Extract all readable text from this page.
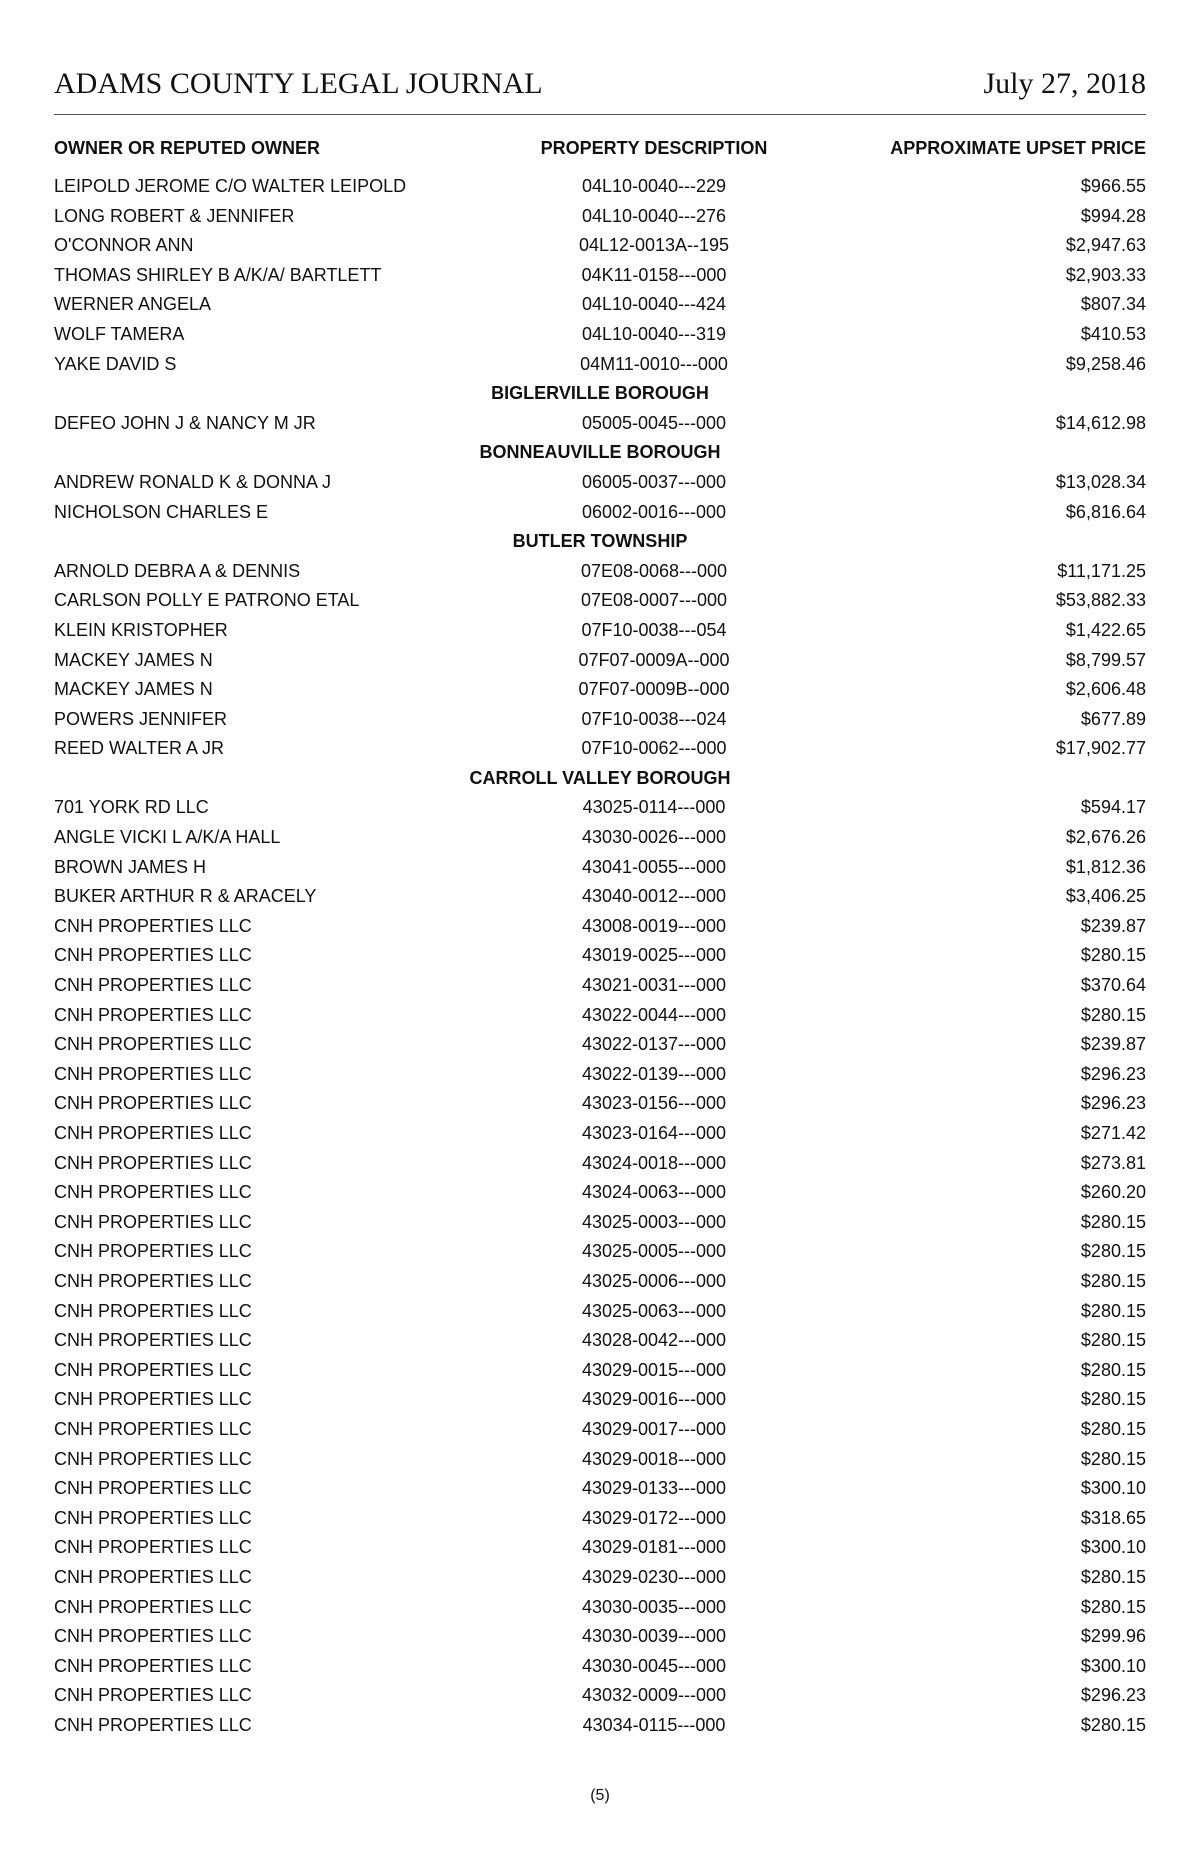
ADAMS COUNTY LEGAL JOURNAL	July 27, 2018
OWNER OR REPUTED OWNER	PROPERTY DESCRIPTION	APPROXIMATE UPSET PRICE
LEIPOLD JEROME C/O WALTER LEIPOLD	04L10-0040---229	$966.55
LONG ROBERT & JENNIFER	04L10-0040---276	$994.28
O'CONNOR ANN	04L12-0013A--195	$2,947.63
THOMAS SHIRLEY B A/K/A/ BARTLETT	04K11-0158---000	$2,903.33
WERNER ANGELA	04L10-0040---424	$807.34
WOLF TAMERA	04L10-0040---319	$410.53
YAKE DAVID S	04M11-0010---000	$9,258.46
BIGLERVILLE BOROUGH
DEFEO JOHN J & NANCY M JR	05005-0045---000	$14,612.98
BONNEAUVILLE BOROUGH
ANDREW RONALD K & DONNA J	06005-0037---000	$13,028.34
NICHOLSON CHARLES E	06002-0016---000	$6,816.64
BUTLER TOWNSHIP
ARNOLD DEBRA A & DENNIS	07E08-0068---000	$11,171.25
CARLSON POLLY E PATRONO ETAL	07E08-0007---000	$53,882.33
KLEIN KRISTOPHER	07F10-0038---054	$1,422.65
MACKEY JAMES N	07F07-0009A--000	$8,799.57
MACKEY JAMES N	07F07-0009B--000	$2,606.48
POWERS JENNIFER	07F10-0038---024	$677.89
REED WALTER A JR	07F10-0062---000	$17,902.77
CARROLL VALLEY BOROUGH
701 YORK RD LLC	43025-0114---000	$594.17
ANGLE VICKI L A/K/A HALL	43030-0026---000	$2,676.26
BROWN JAMES H	43041-0055---000	$1,812.36
BUKER ARTHUR R & ARACELY	43040-0012---000	$3,406.25
CNH PROPERTIES LLC	43008-0019---000	$239.87
CNH PROPERTIES LLC	43019-0025---000	$280.15
CNH PROPERTIES LLC	43021-0031---000	$370.64
CNH PROPERTIES LLC	43022-0044---000	$280.15
CNH PROPERTIES LLC	43022-0137---000	$239.87
CNH PROPERTIES LLC	43022-0139---000	$296.23
CNH PROPERTIES LLC	43023-0156---000	$296.23
CNH PROPERTIES LLC	43023-0164---000	$271.42
CNH PROPERTIES LLC	43024-0018---000	$273.81
CNH PROPERTIES LLC	43024-0063---000	$260.20
CNH PROPERTIES LLC	43025-0003---000	$280.15
CNH PROPERTIES LLC	43025-0005---000	$280.15
CNH PROPERTIES LLC	43025-0006---000	$280.15
CNH PROPERTIES LLC	43025-0063---000	$280.15
CNH PROPERTIES LLC	43028-0042---000	$280.15
CNH PROPERTIES LLC	43029-0015---000	$280.15
CNH PROPERTIES LLC	43029-0016---000	$280.15
CNH PROPERTIES LLC	43029-0017---000	$280.15
CNH PROPERTIES LLC	43029-0018---000	$280.15
CNH PROPERTIES LLC	43029-0133---000	$300.10
CNH PROPERTIES LLC	43029-0172---000	$318.65
CNH PROPERTIES LLC	43029-0181---000	$300.10
CNH PROPERTIES LLC	43029-0230---000	$280.15
CNH PROPERTIES LLC	43030-0035---000	$280.15
CNH PROPERTIES LLC	43030-0039---000	$299.96
CNH PROPERTIES LLC	43030-0045---000	$300.10
CNH PROPERTIES LLC	43032-0009---000	$296.23
CNH PROPERTIES LLC	43034-0115---000	$280.15
(5)
